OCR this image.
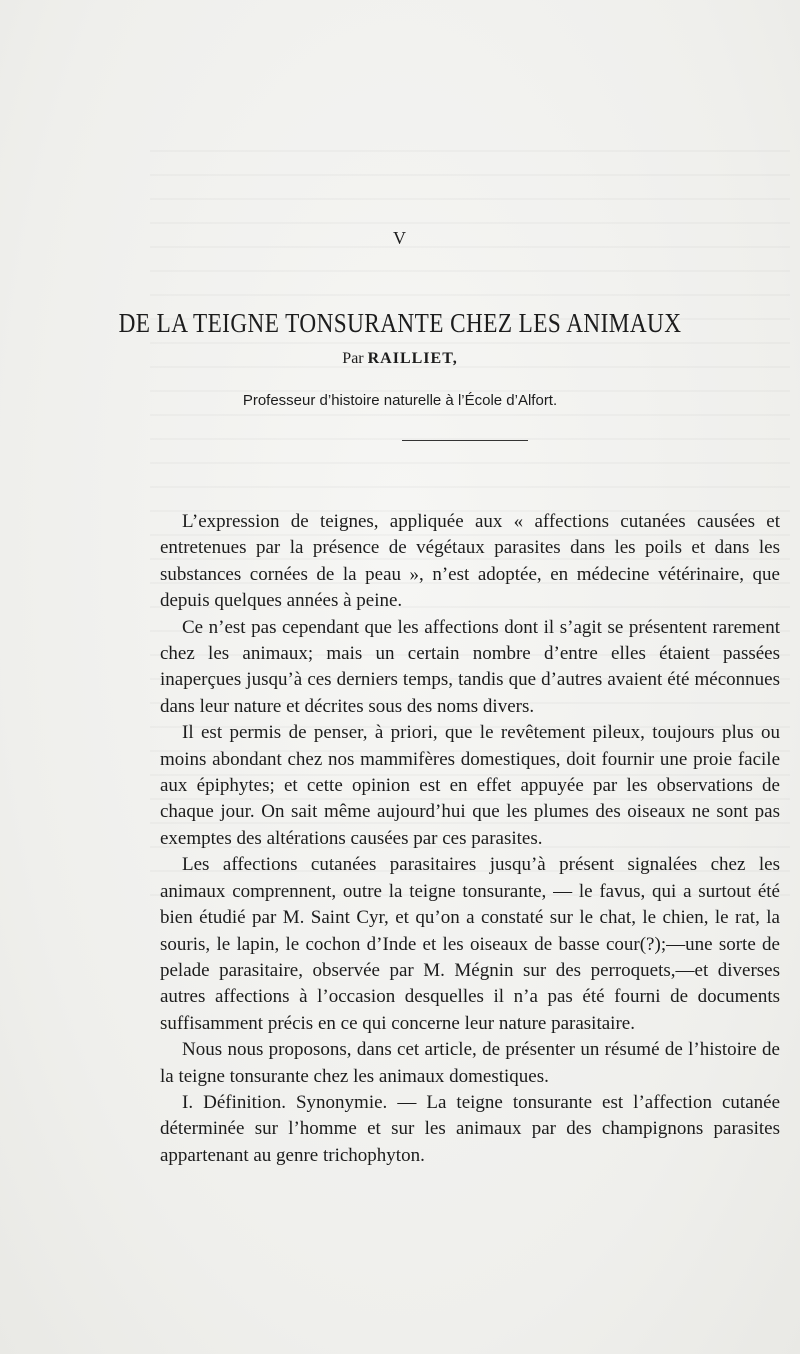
V
DE LA TEIGNE TONSURANTE CHEZ LES ANIMAUX
Par RAILLIET,
Professeur d’histoire naturelle à l’École d’Alfort.

L’expression de teignes, appliquée aux « affections cutanées causées et entretenues par la présence de végétaux parasites dans les poils et dans les substances cornées de la peau », n’est adoptée, en médecine vétérinaire, que depuis quelques années à peine.

Ce n’est pas cependant que les affections dont il s’agit se présentent rarement chez les animaux; mais un certain nombre d’entre elles étaient passées inaperçues jusqu’à ces derniers temps, tandis que d’autres avaient été méconnues dans leur nature et décrites sous des noms divers.

Il est permis de penser, à priori, que le revêtement pileux, toujours plus ou moins abondant chez nos mammifères domestiques, doit fournir une proie facile aux épiphytes; et cette opinion est en effet appuyée par les observations de chaque jour. On sait même aujourd’hui que les plumes des oiseaux ne sont pas exemptes des altérations causées par ces parasites.

Les affections cutanées parasitaires jusqu’à présent signalées chez les animaux comprennent, outre la teigne tonsurante, — le favus, qui a surtout été bien étudié par M. Saint Cyr, et qu’on a constaté sur le chat, le chien, le rat, la souris, le lapin, le cochon d’Inde et les oiseaux de basse cour(?);—une sorte de pelade parasitaire, observée par M. Mégnin sur des perroquets,—et diverses autres affections à l’occasion desquelles il n’a pas été fourni de documents suffisamment précis en ce qui concerne leur nature parasitaire.

Nous nous proposons, dans cet article, de présenter un résumé de l’histoire de la teigne tonsurante chez les animaux domestiques.

I. Définition. Synonymie. — La teigne tonsurante est l’affection cutanée déterminée sur l’homme et sur les animaux par des champignons parasites appartenant au genre trichophyton.
